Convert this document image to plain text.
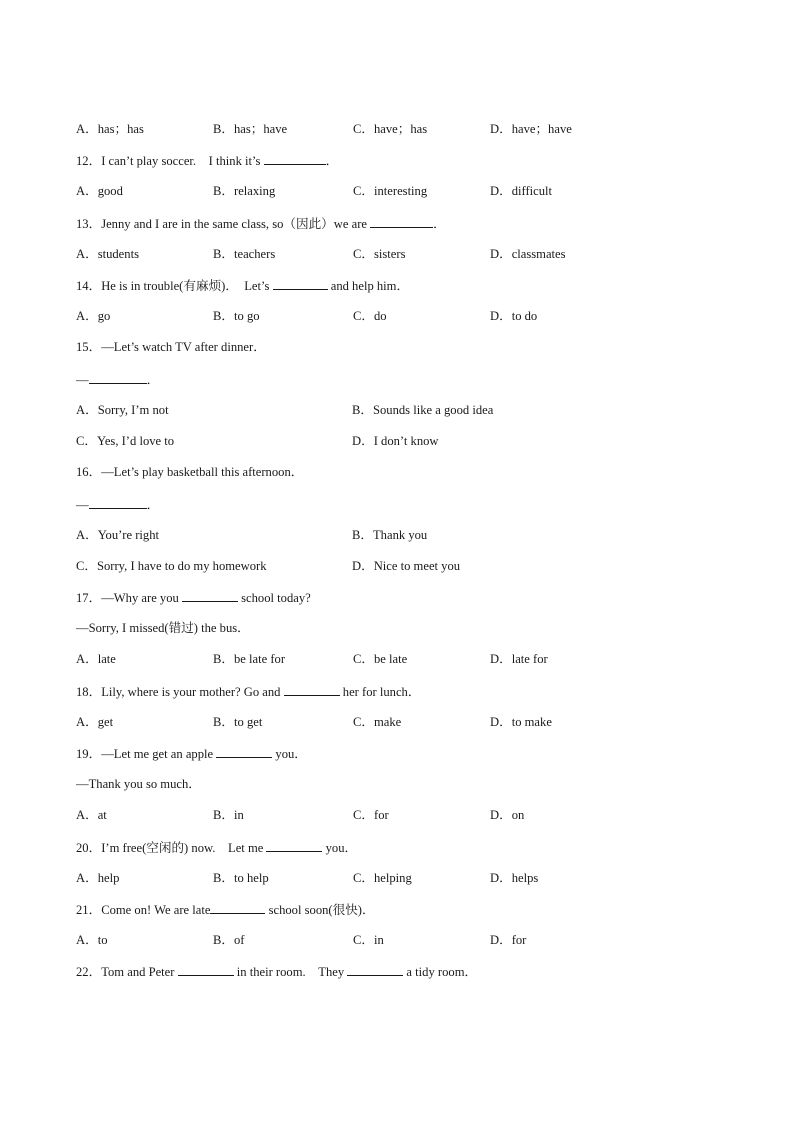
A．has；has	B．has；have	C．have；has	D．have；have
12．I can’t play soccer.　I think it’s	．
A．good	B．relaxing	C．interesting	D．difficult
13．Jenny and I are in the same class, so（因此）we are	．
A．students	B．teachers	C．sisters	D．classmates
14．He is in trouble(有麻烦)．　Let’s	and help him．
A．go	B．to go	C．do	D．to do
15．—Let’s watch TV after dinner．
—	．
A．Sorry, I’m not	B．Sounds like a good idea
C．Yes, I’d love to	D．I don’t know
16．—Let’s play basketball this afternoon．
—	．
A．You’re right	B．Thank you
C．Sorry, I have to do my homework	D．Nice to meet you
17．—Why are you	school today?
—Sorry, I missed(错过) the bus．
A．late	B．be late for	C．be late	D．late for
18．Lily, where is your mother? Go and	her for lunch．
A．get	B．to get	C．make	D．to make
19．—Let me get an apple	you．
—Thank you so much．
A．at	B．in	C．for	D．on
20．I’m free(空闲的) now.　Let me	you．
A．help	B．to help	C．helping	D．helps
21．Come on! We are late	school soon(很快)．
A．to	B．of	C．in	D．for
22．Tom and Peter	in their room.　They	a tidy room．
